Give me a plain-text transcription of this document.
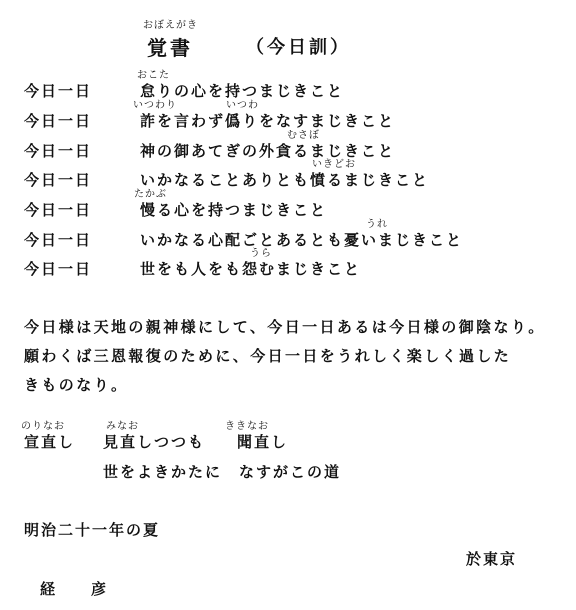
おぼえがき
覚書	（今日訓）
おこた
今日一日	怠りの心を持つまじきこと
いつわり	いつわ
今日一日	詐を言わず僞りをなすまじきこと
むさぼ
今日一日	神の御あてぎの外貪るまじきこと
いきどお
今日一日	いかなることありとも憤るまじきこと
たかぶ
今日一日	慢る心を持つまじきこと
うれ
今日一日	いかなる心配ごとあるとも憂いまじきこと
うら
今日一日	世をも人をも怨むまじきこと
今日様は天地の親神様にして、今日一日あるは今日様の御陰なり。
願わくば三恩報復のために、今日一日をうれしく楽しく過した
きものなり。
のりなお	みなお	ききなお
宣直し 見直しつつも 聞直し
世をよきかたに　なすがこの道
明治二十一年の夏
於東京
経　　彦
